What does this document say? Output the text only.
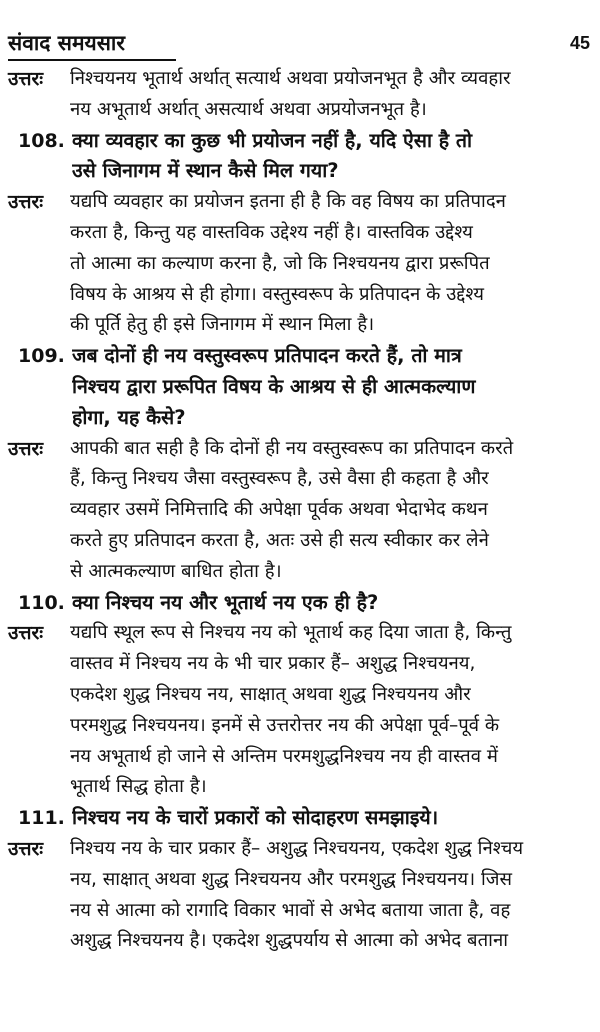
संवाद समयसार	45
उत्तरः निश्चयनय भूतार्थ अर्थात् सत्यार्थ अथवा प्रयोजनभूत है और व्यवहार
नय अभूतार्थ अर्थात् असत्यार्थ अथवा अप्रयोजनभूत है।
108. क्या व्यवहार का कुछ भी प्रयोजन नहीं है, यदि ऐसा है तो
उसे जिनागम में स्थान कैसे मिल गया?
उत्तरः यद्यपि व्यवहार का प्रयोजन इतना ही है कि वह विषय का प्रतिपादन
करता है, किन्तु यह वास्तविक उद्देश्य नहीं है। वास्तविक उद्देश्य
तो आत्मा का कल्याण करना है, जो कि निश्चयनय द्वारा प्ररूपित
विषय के आश्रय से ही होगा। वस्तुस्वरूप के प्रतिपादन के उद्देश्य
की पूर्ति हेतु ही इसे जिनागम में स्थान मिला है।
109. जब दोनों ही नय वस्तुस्वरूप प्रतिपादन करते हैं, तो मात्र
निश्चय द्वारा प्ररूपित विषय के आश्रय से ही आत्मकल्याण
होगा, यह कैसे?
उत्तरः आपकी बात सही है कि दोनों ही नय वस्तुस्वरूप का प्रतिपादन करते
हैं, किन्तु निश्चय जैसा वस्तुस्वरूप है, उसे वैसा ही कहता है और
व्यवहार उसमें निमित्तादि की अपेक्षा पूर्वक अथवा भेदाभेद कथन
करते हुए प्रतिपादन करता है, अतः उसे ही सत्य स्वीकार कर लेने
से आत्मकल्याण बाधित होता है।
110. क्या निश्चय नय और भूतार्थ नय एक ही है?
उत्तरः यद्यपि स्थूल रूप से निश्चय नय को भूतार्थ कह दिया जाता है, किन्तु
वास्तव में निश्चय नय के भी चार प्रकार हैं– अशुद्ध निश्चयनय,
एकदेश शुद्ध निश्चय नय, साक्षात् अथवा शुद्ध निश्चयनय और
परमशुद्ध निश्चयनय। इनमें से उत्तरोत्तर नय की अपेक्षा पूर्व–पूर्व के
नय अभूतार्थ हो जाने से अन्तिम परमशुद्धनिश्चय नय ही वास्तव में
भूतार्थ सिद्ध होता है।
111. निश्चय नय के चारों प्रकारों को सोदाहरण समझाइये।
उत्तरः निश्चय नय के चार प्रकार हैं– अशुद्ध निश्चयनय, एकदेश शुद्ध निश्चय
नय, साक्षात् अथवा शुद्ध निश्चयनय और परमशुद्ध निश्चयनय। जिस
नय से आत्मा को रागादि विकार भावों से अभेद बताया जाता है, वह
अशुद्ध निश्चयनय है। एकदेश शुद्धपर्याय से आत्मा को अभेद बताना
